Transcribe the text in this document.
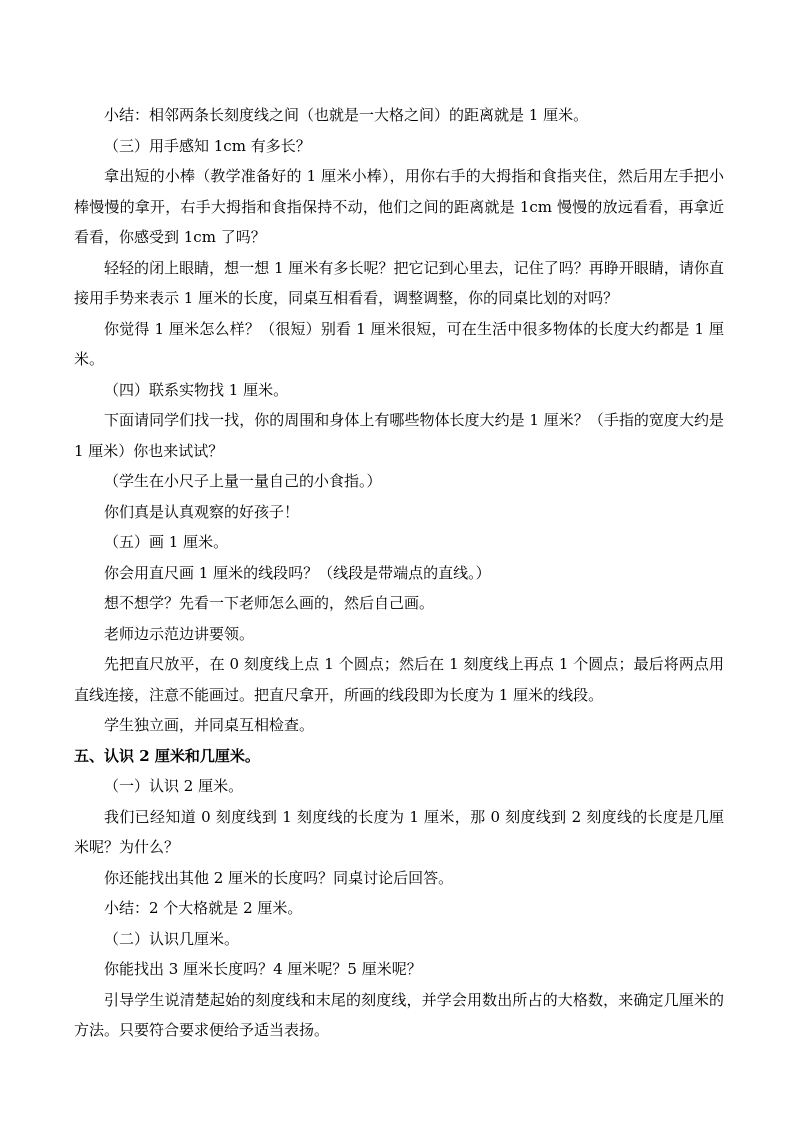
小结：相邻两条长刻度线之间（也就是一大格之间）的距离就是 1 厘米。

（三）用手感知 1cm 有多长？

拿出短的小棒（教学准备好的 1 厘米小棒），用你右手的大拇指和食指夹住，然后用左手把小棒慢慢的拿开，右手大拇指和食指保持不动，他们之间的距离就是 1cm 慢慢的放远看看，再拿近看看，你感受到 1cm 了吗？

轻轻的闭上眼睛，想一想 1 厘米有多长呢？把它记到心里去，记住了吗？再睁开眼睛，请你直接用手势来表示 1 厘米的长度，同桌互相看看，调整调整，你的同桌比划的对吗？

你觉得 1 厘米怎么样？（很短）别看 1 厘米很短，可在生活中很多物体的长度大约都是 1 厘米。

（四）联系实物找 1 厘米。

下面请同学们找一找，你的周围和身体上有哪些物体长度大约是 1 厘米？（手指的宽度大约是 1 厘米）你也来试试？

（学生在小尺子上量一量自己的小食指。）

你们真是认真观察的好孩子！

（五）画 1 厘米。

你会用直尺画 1 厘米的线段吗？（线段是带端点的直线。）

想不想学？先看一下老师怎么画的，然后自己画。

老师边示范边讲要领。

先把直尺放平，在 0 刻度线上点 1 个圆点；然后在 1 刻度线上再点 1 个圆点；最后将两点用直线连接，注意不能画过。把直尺拿开，所画的线段即为长度为 1 厘米的线段。

学生独立画，并同桌互相检查。

五、认识 2 厘米和几厘米。

（一）认识 2 厘米。

我们已经知道 0 刻度线到 1 刻度线的长度为 1 厘米，那 0 刻度线到 2 刻度线的长度是几厘米呢？为什么？

你还能找出其他 2 厘米的长度吗？同桌讨论后回答。

小结：2 个大格就是 2 厘米。

（二）认识几厘米。

你能找出 3 厘米长度吗？4 厘米呢？5 厘米呢？

引导学生说清楚起始的刻度线和末尾的刻度线，并学会用数出所占的大格数，来确定几厘米的方法。只要符合要求便给予适当表扬。
